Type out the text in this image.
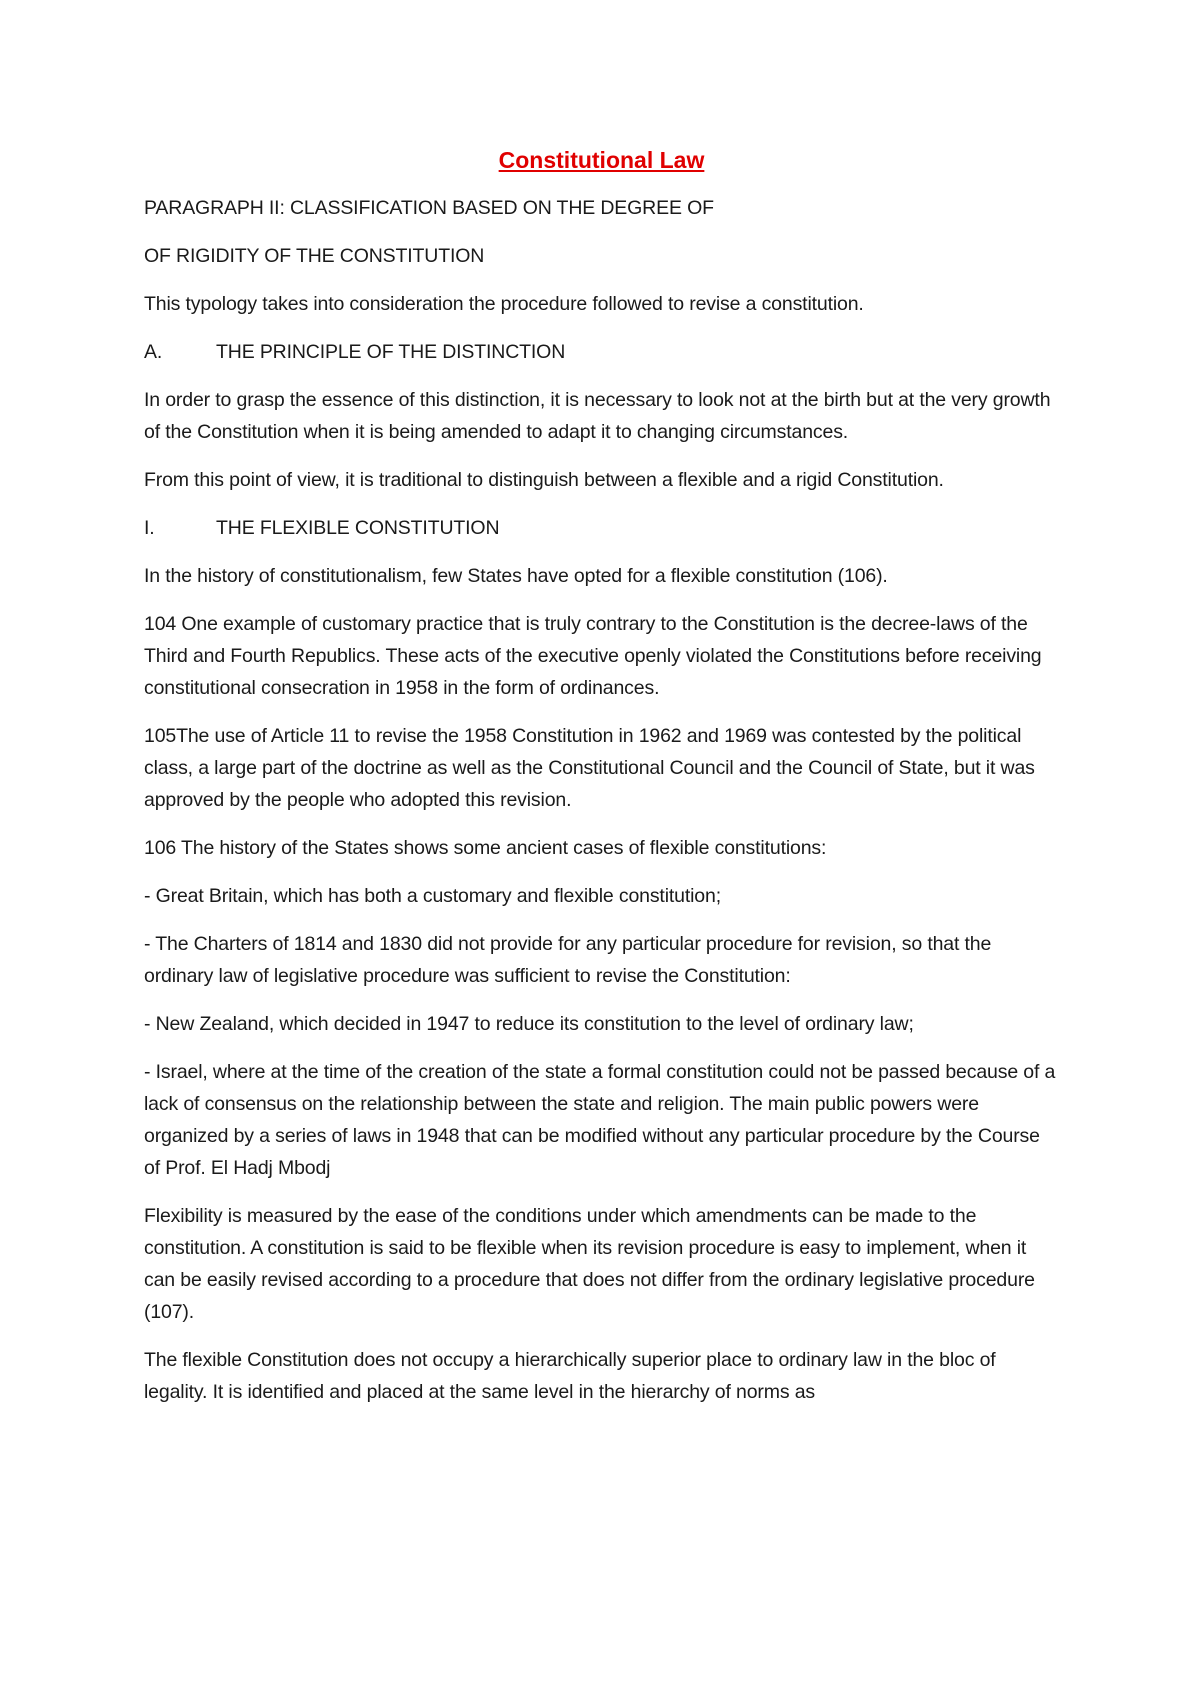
Constitutional Law

PARAGRAPH II: CLASSIFICATION BASED ON THE DEGREE OF

OF RIGIDITY OF THE CONSTITUTION

This typology takes into consideration the procedure followed to revise a constitution.

A.	THE PRINCIPLE OF THE DISTINCTION

In order to grasp the essence of this distinction, it is necessary to look not at the birth but at the very growth of the Constitution when it is being amended to adapt it to changing circumstances.

From this point of view, it is traditional to distinguish between a flexible and a rigid Constitution.

I.	THE FLEXIBLE CONSTITUTION

In the history of constitutionalism, few States have opted for a flexible constitution (106).

104 One example of customary practice that is truly contrary to the Constitution is the decree-laws of the Third and Fourth Republics. These acts of the executive openly violated the Constitutions before receiving constitutional consecration in 1958 in the form of ordinances.

105The use of Article 11 to revise the 1958 Constitution in 1962 and 1969 was contested by the political class, a large part of the doctrine as well as the Constitutional Council and the Council of State, but it was approved by the people who adopted this revision.

106 The history of the States shows some ancient cases of flexible constitutions:

- Great Britain, which has both a customary and flexible constitution;

- The Charters of 1814 and 1830 did not provide for any particular procedure for revision, so that the ordinary law of legislative procedure was sufficient to revise the Constitution:

- New Zealand, which decided in 1947 to reduce its constitution to the level of ordinary law;

- Israel, where at the time of the creation of the state a formal constitution could not be passed because of a lack of consensus on the relationship between the state and religion. The main public powers were organized by a series of laws in 1948 that can be modified without any particular procedure by the Course of Prof. El Hadj Mbodj

Flexibility is measured by the ease of the conditions under which amendments can be made to the constitution. A constitution is said to be flexible when its revision procedure is easy to implement, when it can be easily revised according to a procedure that does not differ from the ordinary legislative procedure (107).

The flexible Constitution does not occupy a hierarchically superior place to ordinary law in the bloc of legality. It is identified and placed at the same level in the hierarchy of norms as
